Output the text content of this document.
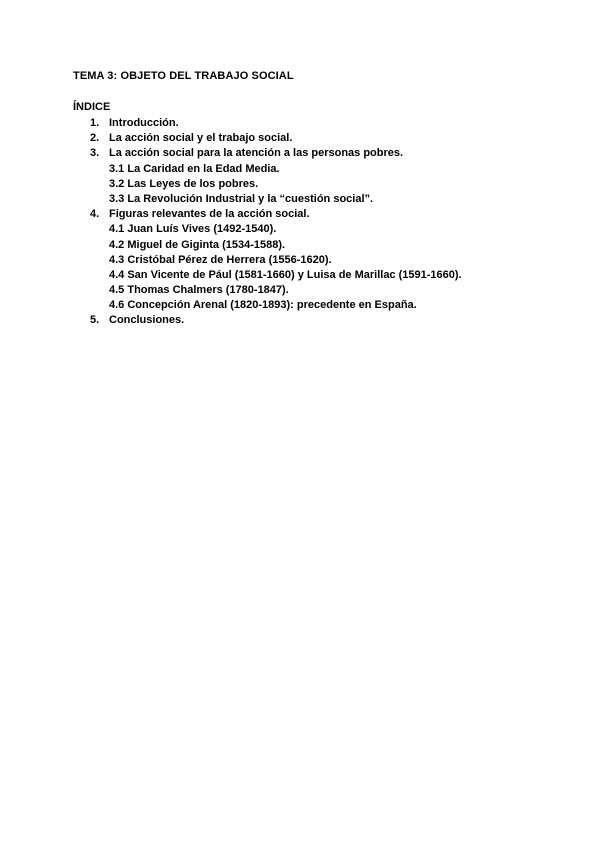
TEMA 3: OBJETO DEL TRABAJO SOCIAL
ÍNDICE
1. Introducción.
2. La acción social y el trabajo social.
3. La acción social para la atención a las personas pobres.
3.1 La Caridad en la Edad Media.
3.2 Las Leyes de los pobres.
3.3 La Revolución Industrial y la “cuestión social”.
4. Figuras relevantes de la acción social.
4.1 Juan Luís Vives (1492-1540).
4.2 Miguel de Giginta (1534-1588).
4.3 Cristóbal Pérez de Herrera (1556-1620).
4.4 San Vicente de Pául (1581-1660) y Luisa de Marillac (1591-1660).
4.5 Thomas Chalmers (1780-1847).
4.6 Concepción Arenal (1820-1893): precedente en España.
5. Conclusiones.
